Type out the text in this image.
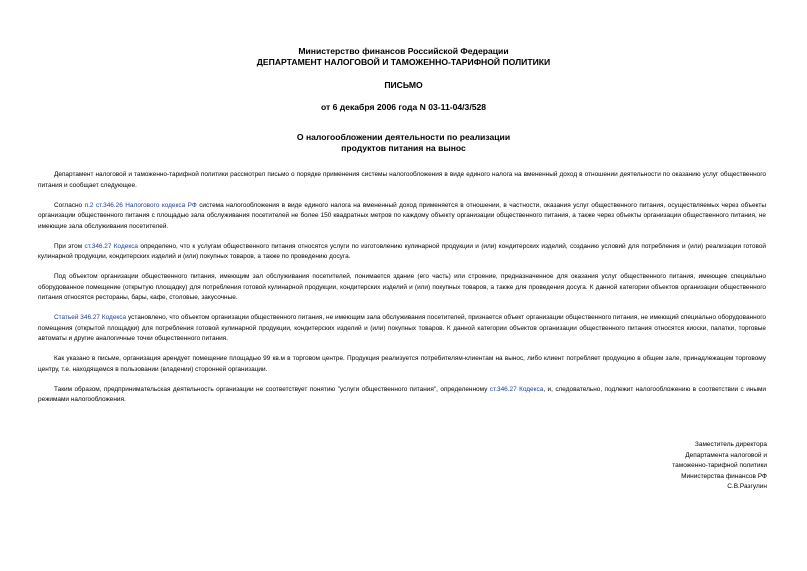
Министерство финансов Российской Федерации
ДЕПАРТАМЕНТ НАЛОГОВОЙ И ТАМОЖЕННО-ТАРИФНОЙ ПОЛИТИКИ
ПИСЬМО
от 6 декабря 2006 года N 03-11-04/3/528
О налогообложении деятельности по реализации
продуктов питания на вынос

Департамент налоговой и таможенно-тарифной политики рассмотрел письмо о порядке применения системы налогообложения в виде единого налога на вмененный доход в отношении деятельности по оказанию услуг общественного питания и сообщает следующее.

Согласно п.2 ст.346.26 Налогового кодекса РФ система налогообложения в виде единого налога на вмененный доход применяется в отношении, в частности, оказания услуг общественного питания, осуществляемых через объекты организации общественного питания с площадью зала обслуживания посетителей не более 150 квадратных метров по каждому объекту организации общественного питания, а также через объекты организации общественного питания, не имеющие зала обслуживания посетителей.

При этом ст.346.27 Кодекса определено, что к услугам общественного питания относятся услуги по изготовлению кулинарной продукции и (или) кондитерских изделий, созданию условий для потребления и (или) реализации готовой кулинарной продукции, кондитерских изделий и (или) покупных товаров, а также по проведению досуга.

Под объектом организации общественного питания, имеющим зал обслуживания посетителей, понимается здание (его часть) или строение, предназначенное для оказания услуг общественного питания, имеющее специально оборудованное помещение (открытую площадку) для потребления готовой кулинарной продукции, кондитерских изделий и (или) покупных товаров, а также для проведения досуга. К данной категории объектов организации общественного питания относятся рестораны, бары, кафе, столовые, закусочные.

Статьей 346.27 Кодекса установлено, что объектом организации общественного питания, не имеющим зала обслуживания посетителей, признается объект организации общественного питания, не имеющий специально оборудованного помещения (открытой площадки) для потребления готовой кулинарной продукции, кондитерских изделий и (или) покупных товаров. К данной категории объектов организации общественного питания относятся киоски, палатки, торговые автоматы и другие аналогичные точки общественного питания.

Как указано в письме, организация арендует помещение площадью 99 кв.м в торговом центре. Продукция реализуется потребителям-клиентам на вынос, либо клиент потребляет продукцию в общем зале, принадлежащем торговому центру, т.е. находящемся в пользовании (владении) сторонней организации.

Таким образом, предпринимательская деятельность организации не соответствует понятию "услуги общественного питания", определенному ст.346.27 Кодекса, и, следовательно, подлежит налогообложению в соответствии с иными режимами налогообложения.

Заместитель директора
Департамента налоговой и
таможенно-тарифной политики
Министерства финансов РФ
С.В.Разгулин
